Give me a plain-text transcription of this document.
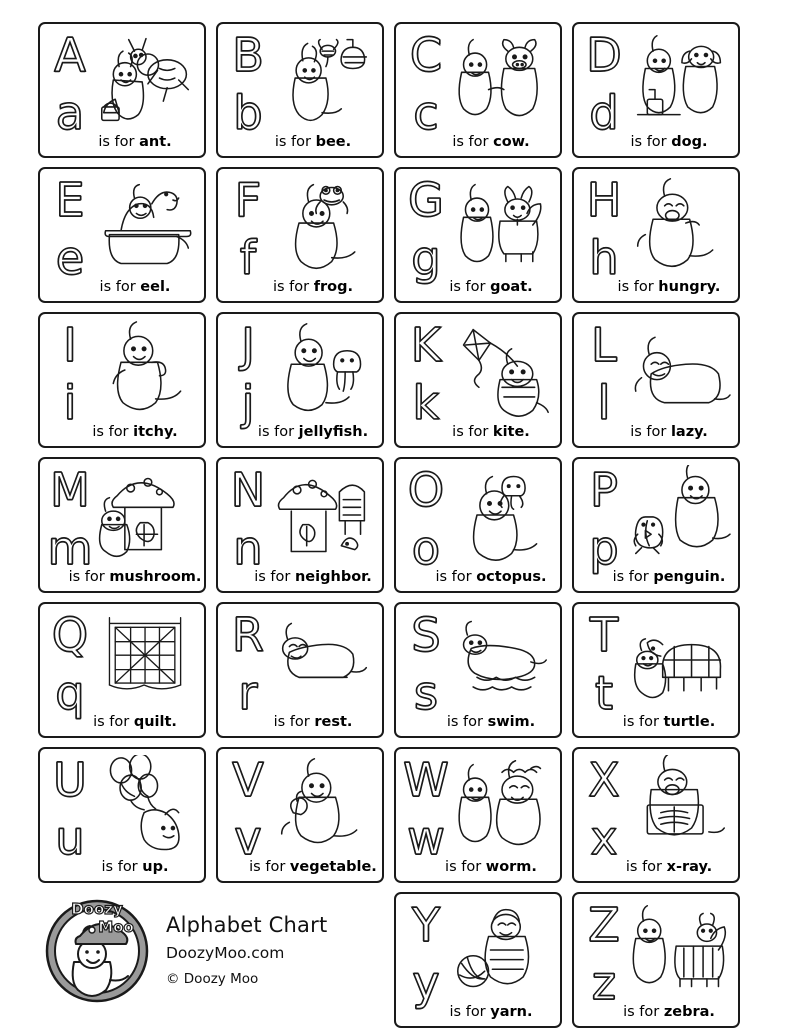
A
a
is for ant.
B
b
is for bee.
C
c
is for cow.
D
d
is for dog.
E
e
is for eel.
F
f
is for frog.
G
g
is for goat.
H
h
is for hungry.
I
i
is for itchy.
J
j
is for jellyfish.
K
k
is for kite.
L
l
is for lazy.
M
m
is for mushroom.
N
n
is for neighbor.
O
o
is for octopus.
P
p
is for penguin.
Q
q
is for quilt.
R
r
is for rest.
S
s
is for swim.
T
t
is for turtle.
U
u
is for up.
V
v
is for vegetable.
W
w
is for worm.
X
x
is for x-ray.
Y
y
is for yarn.
Z
z
is for zebra.
Doozy
Moo Alphabet Chart
DoozyMoo.com
© Doozy Moo
